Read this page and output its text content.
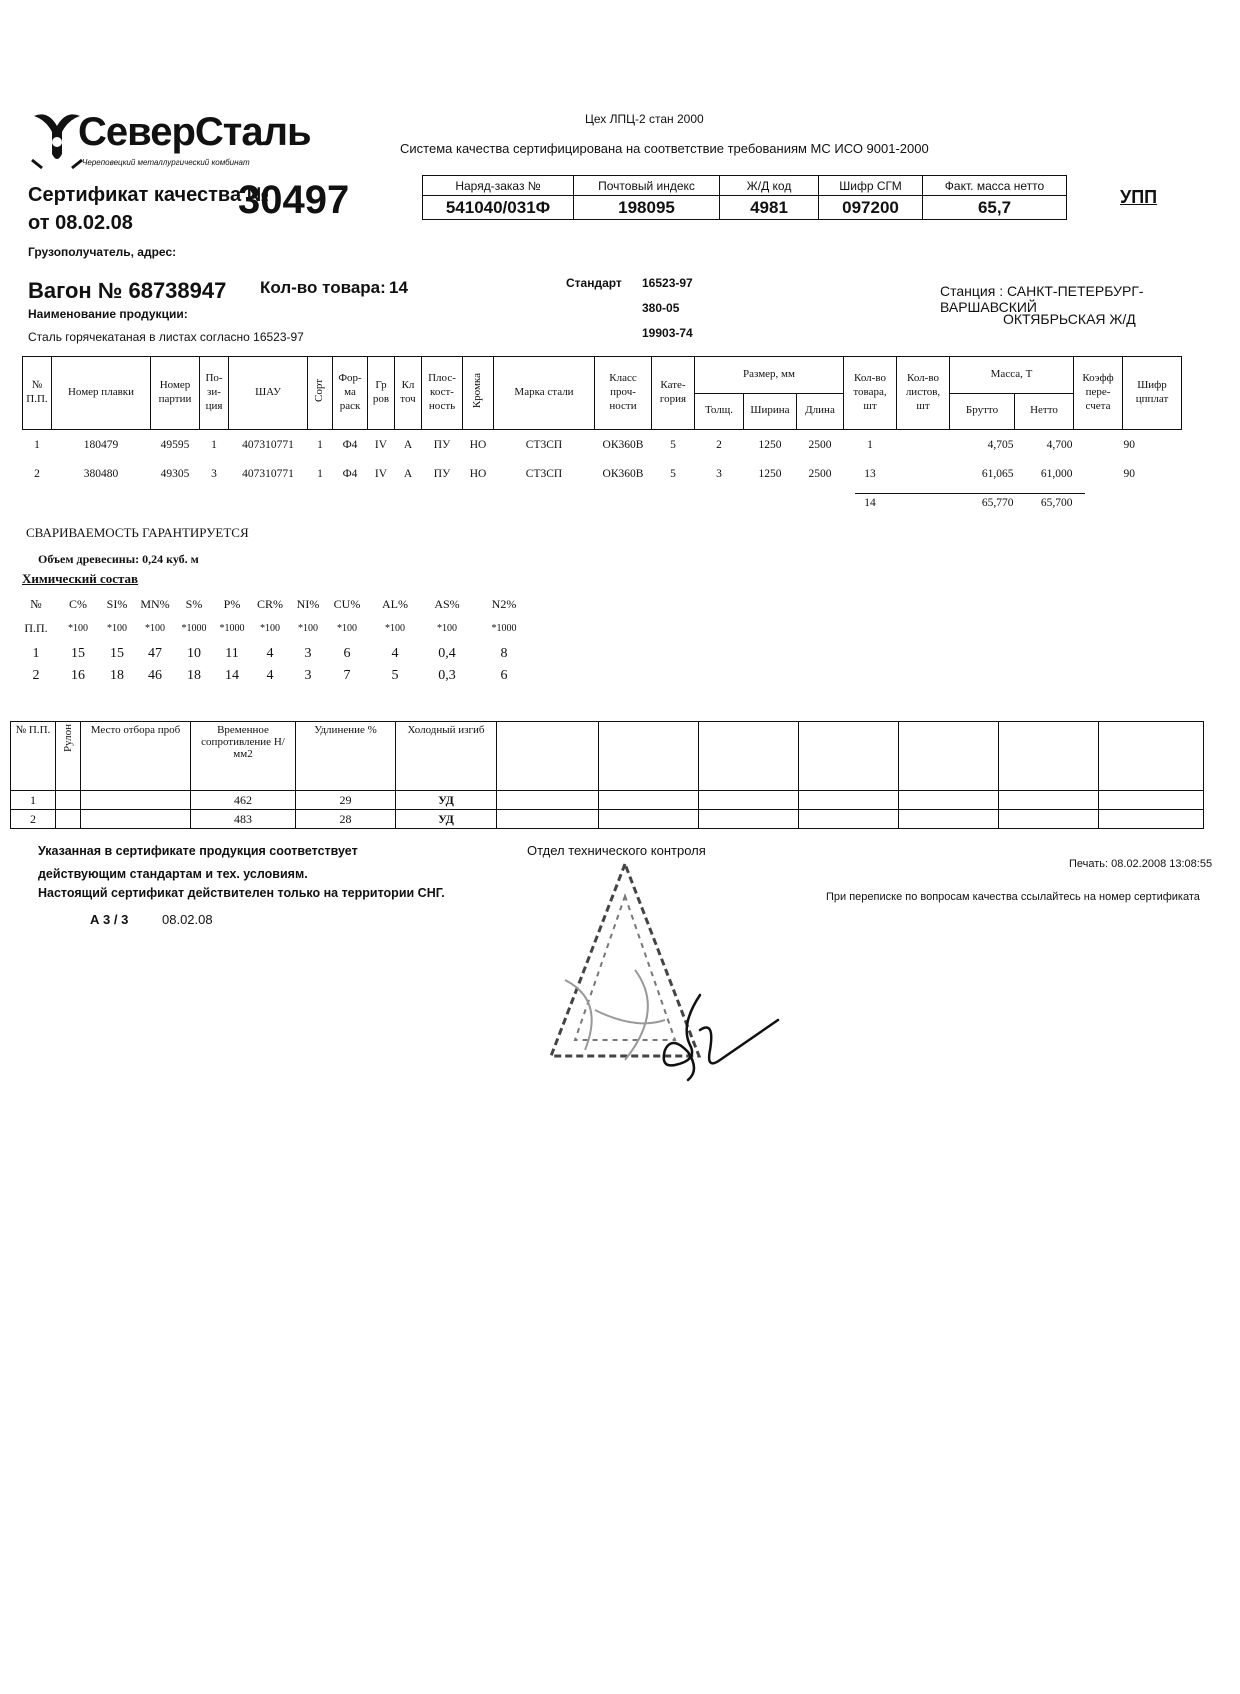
СеверСталь
Череповецкий металлургический комбинат
Цех ЛПЦ-2 стан 2000
Система качества сертифицирована на соответствие требованиям МС ИСО 9001-2000
Наряд-заказ №	Почтовый индекс	Ж/Д код	Шифр СГМ	Факт. масса нетто
541040/031Ф	198095	4981	097200	65,7	УПП
Сертификат качества №
30497
от 08.02.08
Грузополучатель, адрес:
Вагон № 68738947 Кол-во товара: 14	Стандарт 16523-97
380-05
19903-74
Станция : САНКТ-ПЕТЕРБУРГ-ВАРШАВСКИЙ
ОКТЯБРЬСКАЯ Ж/Д
Наименование продукции:
Сталь горячекатаная в листах согласно 16523-97
№ П.П.	Номер плавки	Номер партии	По-зи-ция	ШАУ	Сорт	Фор-ма раск	Гр ров	Кл точ	Плос-кост-ность	Кромка	Марка стали	Класс проч-ности	Кате-гория	Размер, мм			Кол-во товара, шт	Кол-во листов, шт	Масса, Т		Коэфф пере-счета	Шифр цпплат
														Толщ.	Ширина	Длина			Брутто	Нетто		
1	180479	49595	1	407310771	1	Ф4	IV	А	ПУ	НО	СТ3СП	ОК360В	5	2	1250	2500	1		4,705	4,700		90
2	380480	49305	3	407310771	1	Ф4	IV	А	ПУ	НО	СТ3СП	ОК360В	5	3	1250	2500	13		61,065	61,000		90
																	14		65,770	65,700		
СВАРИВАЕМОСТЬ ГАРАНТИРУЕТСЯ
Объем древесины: 0,24 куб. м
Химический состав
№	C%	SI%	MN%	S%	P%	CR%	NI%	CU%	AL%	AS%	N2%
П.П.	*100	*100	*100	*1000	*1000	*100	*100	*100	*100	*100	*1000
1	15	15	47	10	11	4	3	6	4	0,4	8
2	16	18	46	18	14	4	3	7	5	0,3	6
№ П.П.	Рулон	Место отбора проб	Временное сопротивление Н/мм2	Удлинение %	Холодный изгиб							
1			462	29	УД							
2			483	28	УД							
Указанная в сертификате продукция соответствует
действующим стандартам и тех. условиям.
Настоящий сертификат действителен только на территории СНГ.
А 3 / 3	08.02.08
Отдел технического контроля
Печать: 08.02.2008 13:08:55
При переписке по вопросам качества ссылайтесь на номер сертификата
